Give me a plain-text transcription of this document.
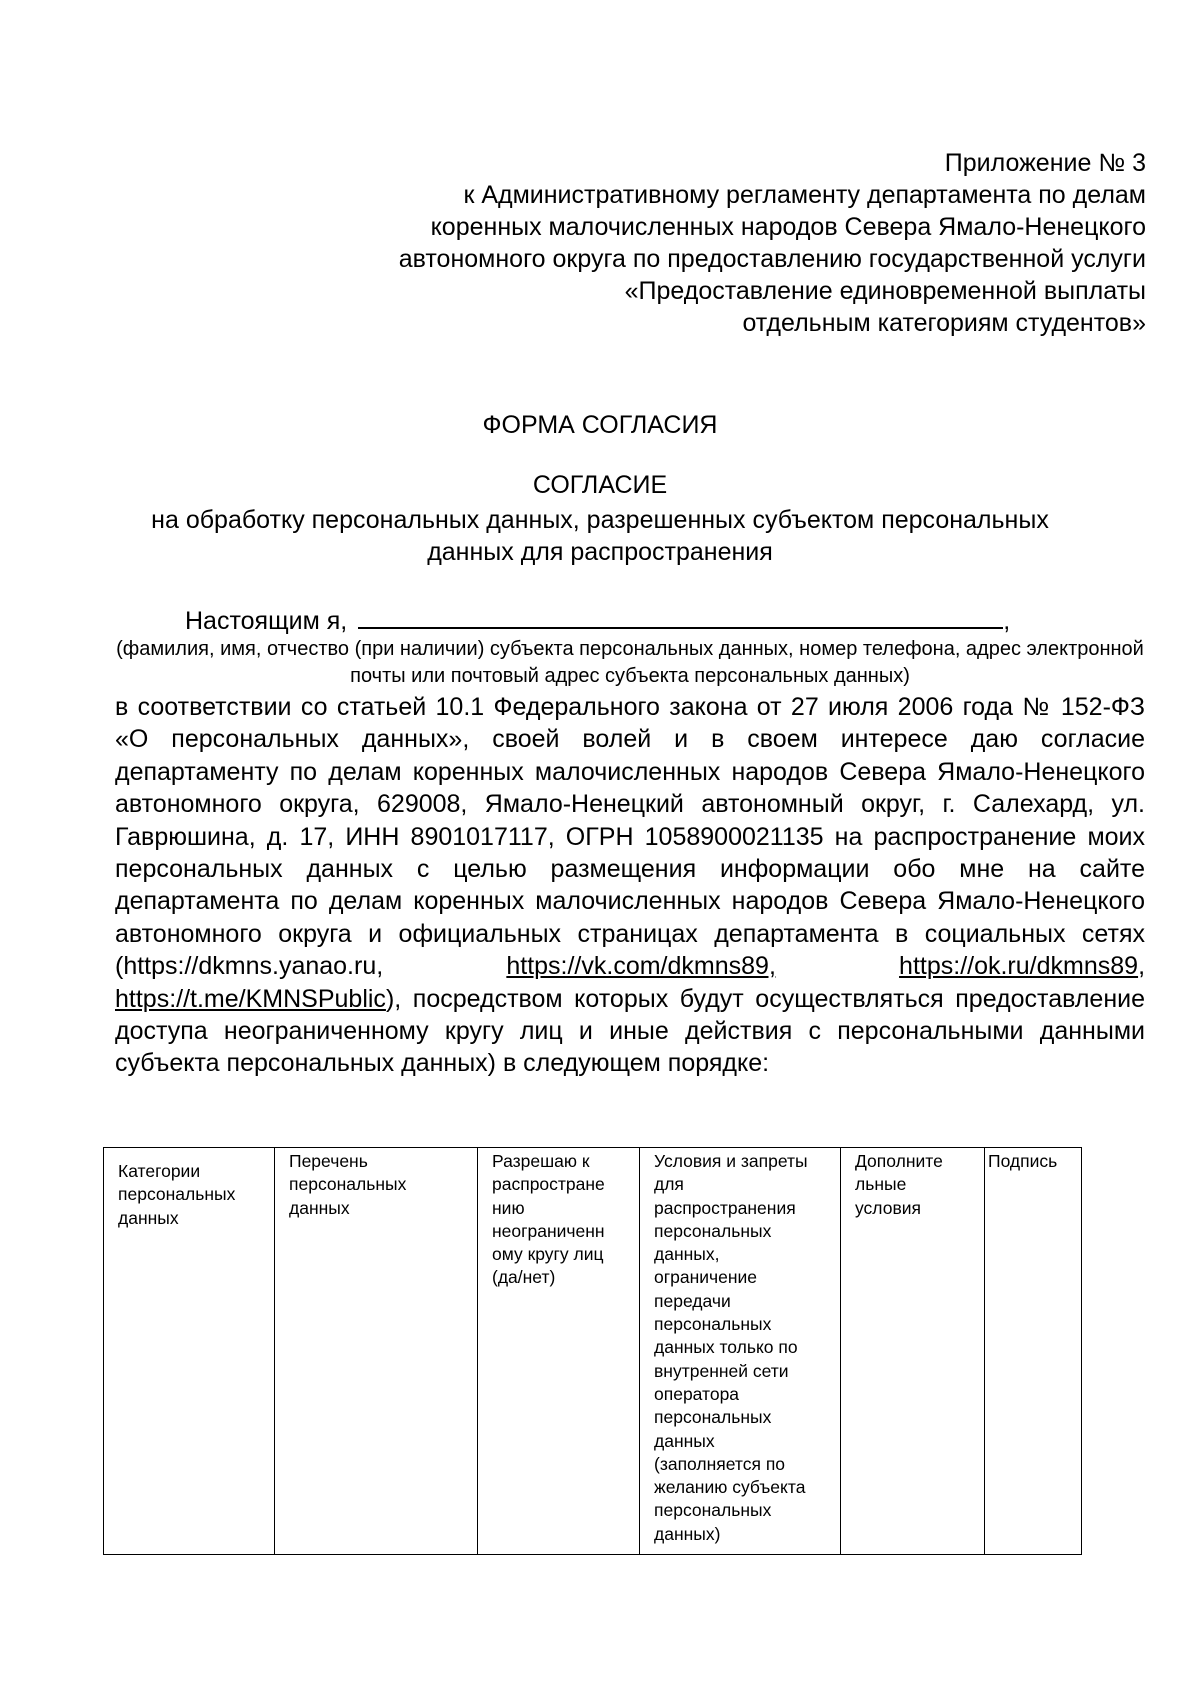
Приложение № 3
к Административному регламенту департамента по делам
коренных малочисленных народов Севера Ямало-Ненецкого
автономного округа по предоставлению государственной услуги
«Предоставление единовременной выплаты
отдельным категориям студентов»
ФОРМА СОГЛАСИЯ
СОГЛАСИЕ
на обработку персональных данных, разрешенных субъектом персональных
данных для распространения
Настоящим я,	,
(фамилия, имя, отчество (при наличии) субъекта персональных данных, номер телефона, адрес электронной почты или почтовый адрес субъекта персональных данных)
в соответствии со статьей 10.1 Федерального закона от 27 июля 2006 года № 152-ФЗ «О персональных данных», своей волей и в своем интересе даю согласие департаменту по делам коренных малочисленных народов Севера Ямало-Ненецкого автономного округа, 629008, Ямало-Ненецкий автономный округ, г. Салехард, ул. Гаврюшина, д. 17, ИНН 8901017117, ОГРН 1058900021135 на распространение моих персональных данных с целью размещения информации обо мне на сайте департамента по делам коренных малочисленных народов Севера Ямало-Ненецкого автономного округа и официальных страницах департамента в социальных сетях (https://dkmns.yanao.ru,	https://vk.com/dkmns89,	https://ok.ru/dkmns89, https://t.me/KMNSPublic), посредством которых будут осуществляться предоставление доступа неограниченному кругу лиц и иные действия с персональными данными субъекта персональных данных) в следующем порядке:
Категории персональных данных	Перечень персональных данных	Разрешаю к распростране нию неограниченн ому кругу лиц (да/нет)	Условия и запреты для распространения персональных данных, ограничение передачи персональных данных только по внутренней сети оператора персональных данных (заполняется по желанию субъекта персональных данных)	Дополните льные условия	Подпись
